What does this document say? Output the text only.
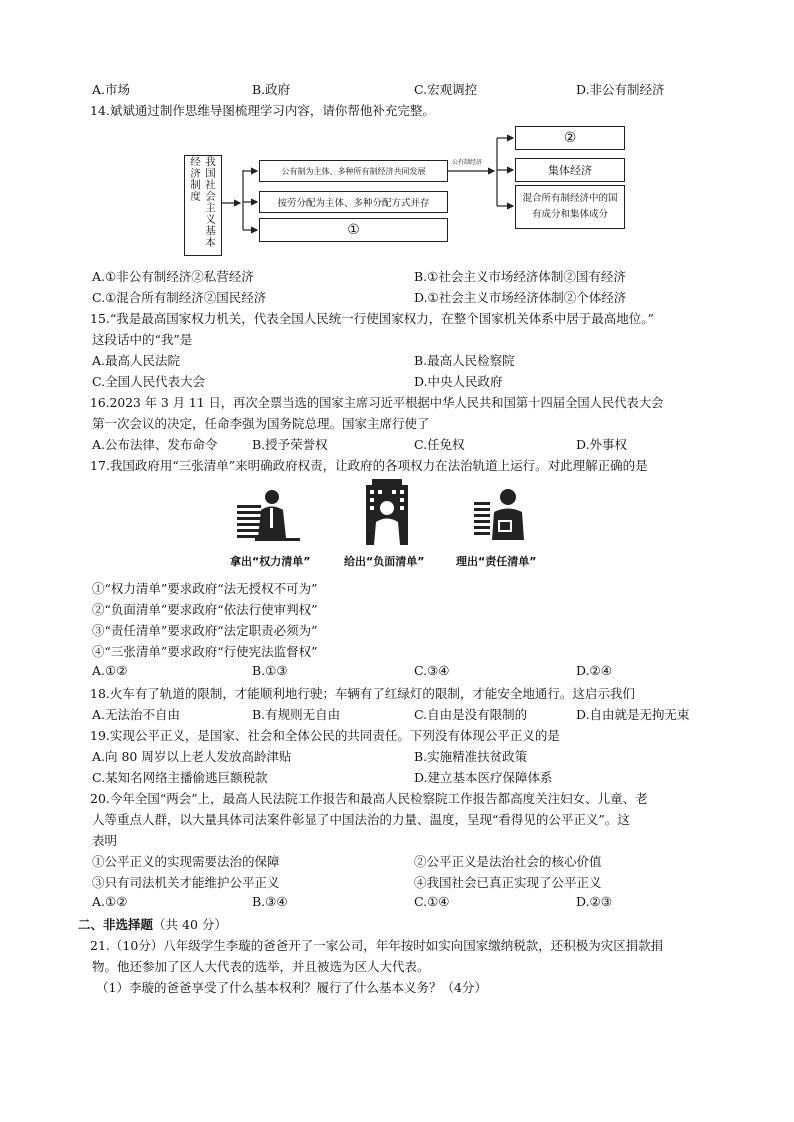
A.市场	B.政府	C.宏观调控	D.非公有制经济
14.斌斌通过制作思维导图梳理学习内容，请你帮他补充完整。
我国社会主义基本经济制度	公有制为主体、多种所有制经济共同发展
按劳分配为主体、多种分配方式并存
①
②
集体经济
混合所有制经济中的国有成分和集体成分
公有制经济
A.①非公有制经济②私营经济	B.①社会主义市场经济体制②国有经济
C.①混合所有制经济②国民经济	D.①社会主义市场经济体制②个体经济
15.“我是最高国家权力机关，代表全国人民统一行使国家权力，在整个国家机关体系中居于最高地位。”
这段话中的“我”是
A.最高人民法院	B.最高人民检察院
C.全国人民代表大会	D.中央人民政府
16.2023 年 3 月 11 日，再次全票当选的国家主席习近平根据中华人民共和国第十四届全国人民代表大会
第一次会议的决定，任命李强为国务院总理。国家主席行使了
A.公布法律、发布命令	B.授予荣誉权	C.任免权	D.外事权
17.我国政府用“三张清单”来明确政府权责，让政府的各项权力在法治轨道上运行。对此理解正确的是
拿出“权力清单”	给出“负面清单”	理出“责任清单”
①“权力清单”要求政府“法无授权不可为”
②“负面清单”要求政府“依法行使审判权”
③“责任清单”要求政府“法定职责必须为”
④“三张清单”要求政府“行使宪法监督权”
A.①②	B.①③	C.③④	D.②④
18.火车有了轨道的限制，才能顺利地行驶；车辆有了红绿灯的限制，才能安全地通行。这启示我们
A.无法治不自由	B.有规则无自由	C.自由是没有限制的	D.自由就是无拘无束
19.实现公平正义，是国家、社会和全体公民的共同责任。下列没有体现公平正义的是
A.向 80 周岁以上老人发放高龄津贴	B.实施精准扶贫政策
C.某知名网络主播偷逃巨额税款	D.建立基本医疗保障体系
20.今年全国“两会”上，最高人民法院工作报告和最高人民检察院工作报告都高度关注妇女、儿童、老
人等重点人群，以大量具体司法案件彰显了中国法治的力量、温度，呈现“看得见的公平正义”。这
表明
①公平正义的实现需要法治的保障	②公平正义是法治社会的核心价值
③只有司法机关才能维护公平正义	④我国社会已真正实现了公平正义
A.①②	B.③④	C.①④	D.②③
二、非选择题（共 40 分）
21.（10分）八年级学生李璇的爸爸开了一家公司，年年按时如实向国家缴纳税款，还积极为灾区捐款捐
物。他还参加了区人大代表的选举，并且被选为区人大代表。
（1）李璇的爸爸享受了什么基本权利？履行了什么基本义务？（4分）
